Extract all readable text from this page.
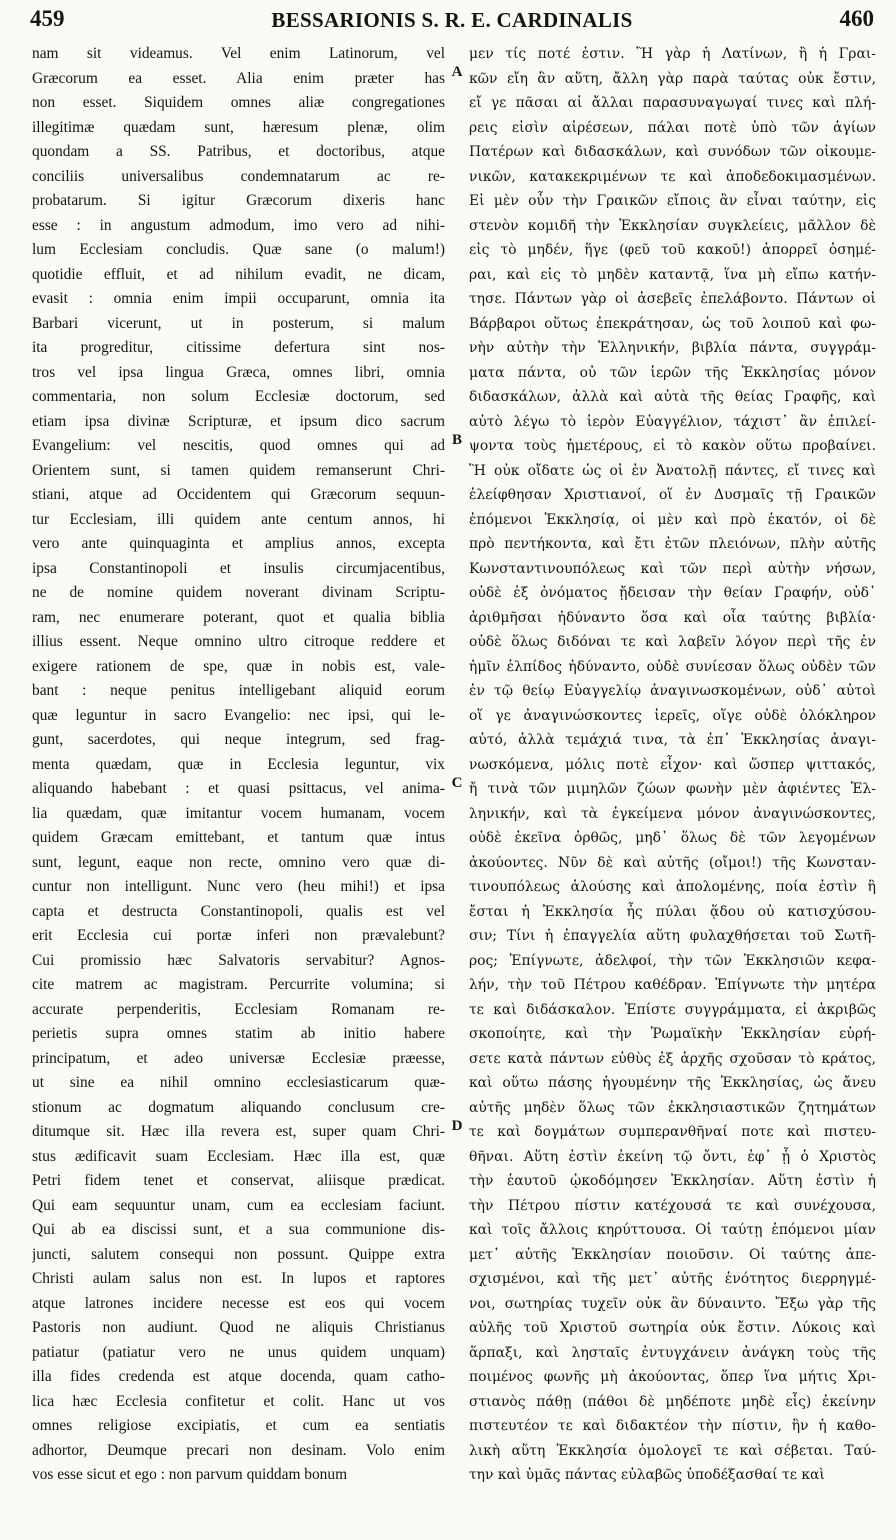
459	BESSARIONIS S. R. E. CARDINALIS	460
nam sit videamus. Vel enim Latinorum, vel
Græcorum ea esset. Alia enim præter has
non esset. Siquidem omnes aliæ congregationes
illegitimæ quædam sunt, hæresum plenæ, olim
quondam a SS. Patribus, et doctoribus, atque
conciliis universalibus condemnatarum ac re-
probatarum. Si igitur Græcorum dixeris hanc
esse : in angustum admodum, imo vero ad nihi-
lum Ecclesiam concludis. Quæ sane (o malum!)
quotidie effluit, et ad nihilum evadit, ne dicam,
evasit : omnia enim impii occuparunt, omnia ita
Barbari vicerunt, ut in posterum, si malum
ita progreditur, citissime defertura sint nos-
tros vel ipsa lingua Græca, omnes libri, omnia
commentaria, non solum Ecclesiæ doctorum, sed
etiam ipsa divinæ Scripturæ, et ipsum dico sacrum
Evangelium: vel nescitis, quod omnes qui ad
Orientem sunt, si tamen quidem remanserunt Chri-
stiani, atque ad Occidentem qui Græcorum sequun-
tur Ecclesiam, illi quidem ante centum annos, hi
vero ante quinquaginta et amplius annos, excepta
ipsa Constantinopoli et insulis circumjacentibus,
ne de nomine quidem noverant divinam Scriptu-
ram, nec enumerare poterant, quot et qualia biblia
illius essent. Neque omnino ultro citroque reddere et
exigere rationem de spe, quæ in nobis est, vale-
bant : neque penitus intelligebant aliquid eorum
quæ leguntur in sacro Evangelio: nec ipsi, qui le-
gunt, sacerdotes, qui neque integrum, sed frag-
menta quædam, quæ in Ecclesia leguntur, vix
aliquando habebant : et quasi psittacus, vel anima-
lia quædam, quæ imitantur vocem humanam, vocem
quidem Græcam emittebant, et tantum quæ intus
sunt, legunt, eaque non recte, omnino vero quæ di-
cuntur non intelligunt. Nunc vero (heu mihi!) et ipsa
capta et destructa Constantinopoli, qualis est vel
erit Ecclesia cui portæ inferi non prævalebunt?
Cui promissio hæc Salvatoris servabitur? Agnos-
cite matrem ac magistram. Percurrite volumina; si
accurate perpenderitis, Ecclesiam Romanam re-
perietis supra omnes statim ab initio habere
principatum, et adeo universæ Ecclesiæ præesse,
ut sine ea nihil omnino ecclesiasticarum quæ-
stionum ac dogmatum aliquando conclusum cre-
ditumque sit. Hæc illa revera est, super quam Chri-
stus ædificavit suam Ecclesiam. Hæc illa est, quæ
Petri fidem tenet et conservat, aliisque prædicat.
Qui eam sequuntur unam, cum ea ecclesiam faciunt.
Qui ab ea discissi sunt, et a sua communione dis-
juncti, salutem consequi non possunt. Quippe extra
Christi aulam salus non est. In lupos et raptores
atque latrones incidere necesse est eos qui vocem
Pastoris non audiunt. Quod ne aliquis Christianus
patiatur (patiatur vero ne unus quidem unquam)
illa fides credenda est atque docenda, quam catho-
lica hæc Ecclesia confitetur et colit. Hanc ut vos
omnes religiose excipiatis, et cum ea sentiatis
adhortor, Deumque precari non desinam. Volo enim
vos esse sicut et ego : non parvum quiddam bonum
μεν τίς ποτέ ἐστιν. Ἢ γὰρ ἡ Λατίνων, ἢ ἡ Γραι-
κῶν εἴη ἂν αὕτη, ἄλλη γὰρ παρὰ ταύτας οὐκ ἔστιν,
εἴ γε πᾶσαι αἱ ἄλλαι παρασυναγωγαί τινες καὶ πλή-
ρεις εἰσὶν αἱρέσεων, πάλαι ποτὲ ὑπὸ τῶν ἁγίων
Πατέρων καὶ διδασκάλων, καὶ συνόδων τῶν οἰκουμε-
νικῶν, κατακεκριμένων τε καὶ ἀποδεδοκιμασμένων.
Εἰ μὲν οὖν τὴν Γραικῶν εἴποις ἂν εἶναι ταύτην, εἰς
στενὸν κομιδῆ τὴν Ἐκκλησίαν συγκλείεις, μᾶλλον δὲ
εἰς τὸ μηδέν, ἥγε (φεῦ τοῦ κακοῦ!) ἀπορρεῖ ὁσημέ-
ραι, καὶ εἰς τὸ μηδὲν καταντᾷ, ἵνα μὴ εἴπω κατήν-
τησε. Πάντων γὰρ οἱ ἀσεβεῖς ἐπελάβοντο. Πάντων οἱ
Βάρβαροι οὕτως ἐπεκράτησαν, ὡς τοῦ λοιποῦ καὶ φω-
νὴν αὐτὴν τὴν Ἑλληνικήν, βιβλία πάντα, συγγράμ-
ματα πάντα, οὐ τῶν ἱερῶν τῆς Ἐκκλησίας μόνον
διδασκάλων, ἀλλὰ καὶ αὐτὰ τῆς θείας Γραφῆς, καὶ
αὐτὸ λέγω τὸ ἱερὸν Εὐαγγέλιον, τάχιστ᾽ ἂν ἐπιλεί-
ψοντα τοὺς ἡμετέρους, εἰ τὸ κακὸν οὕτω προβαίνει.
Ἢ οὐκ οἴδατε ὡς οἱ ἐν Ἀνατολῇ πάντες, εἴ τινες καὶ
ἐλείφθησαν Χριστιανοί, οἵ ἐν Δυσμαῖς τῇ Γραικῶν
ἑπόμενοι Ἐκκλησίᾳ, οἱ μὲν καὶ πρὸ ἑκατόν, οἱ δὲ
πρὸ πεντήκοντα, καὶ ἔτι ἐτῶν πλειόνων, πλὴν αὐτῆς
Κωνσταντινουπόλεως καὶ τῶν περὶ αὐτὴν νήσων,
οὐδὲ ἐξ ὀνόματος ᾔδεισαν τὴν θείαν Γραφήν, οὐδ᾽
ἀριθμῆσαι ἠδύναντο ὅσα καὶ οἷα ταύτης βιβλία·
οὐδὲ ὅλως διδόναι τε καὶ λαβεῖν λόγον περὶ τῆς ἐν
ἡμῖν ἐλπίδος ἠδύναντο, οὐδὲ συνίεσαν ὅλως οὐδὲν τῶν
ἐν τῷ θείῳ Εὐαγγελίῳ ἀναγινωσκομένων, οὐδ᾽ αὐτοὶ
οἵ γε ἀναγινώσκοντες ἱερεῖς, οἵγε οὐδὲ ὁλόκληρον
αὐτό, ἀλλὰ τεμάχιά τινα, τὰ ἐπ᾽ Ἐκκλησίας ἀναγι-
νωσκόμενα, μόλις ποτὲ εἶχον· καὶ ὥσπερ ψιττακός,
ἤ τινὰ τῶν μιμηλῶν ζώων φωνὴν μὲν ἀφιέντες Ἑλ-
ληνικήν, καὶ τὰ ἐγκείμενα μόνον ἀναγινώσκοντες,
οὐδὲ ἐκεῖνα ὀρθῶς, μηδ᾽ ὅλως δὲ τῶν λεγομένων
ἀκούοντες. Νῦν δὲ καὶ αὐτῆς (οἴμοι!) τῆς Κωνσταν-
τινουπόλεως ἁλούσης καὶ ἀπολομένης, ποία ἐστὶν ἢ
ἔσται ἡ Ἐκκλησία ἧς πύλαι ᾅδου οὐ κατισχύσου-
σιν; Τίνι ἡ ἐπαγγελία αὕτη φυλαχθήσεται τοῦ Σωτῆ-
ρος; Ἐπίγνωτε, ἀδελφοί, τὴν τῶν Ἐκκλησιῶν κεφα-
λήν, τὴν τοῦ Πέτρου καθέδραν. Ἐπίγνωτε τὴν μητέρα
τε καὶ διδάσκαλον. Ἐπίστε συγγράμματα, εἰ ἀκριβῶς
σκοποίητε, καὶ τὴν Ῥωμαϊκὴν Ἐκκλησίαν εὑρή-
σετε κατὰ πάντων εὐθὺς ἐξ ἀρχῆς σχοῦσαν τὸ κράτος,
καὶ οὕτω πάσης ἡγουμένην τῆς Ἐκκλησίας, ὡς ἄνευ
αὐτῆς μηδὲν ὅλως τῶν ἐκκλησιαστικῶν ζητημάτων
τε καὶ δογμάτων συμπερανθῆναί ποτε καὶ πιστευ-
θῆναι. Αὕτη ἐστὶν ἐκείνη τῷ ὄντι, ἐφ᾽ ᾗ ὁ Χριστὸς
τὴν ἑαυτοῦ ᾠκοδόμησεν Ἐκκλησίαν. Αὕτη ἐστὶν ἡ
τὴν Πέτρου πίστιν κατέχουσά τε καὶ συνέχουσα,
καὶ τοῖς ἄλλοις κηρύττουσα. Οἱ ταύτῃ ἑπόμενοι μίαν
μετ᾽ αὐτῆς Ἐκκλησίαν ποιοῦσιν. Οἱ ταύτης ἀπε-
σχισμένοι, καὶ τῆς μετ᾽ αὐτῆς ἑνότητος διερρηγμέ-
νοι, σωτηρίας τυχεῖν οὐκ ἂν δύναιντο. Ἔξω γὰρ τῆς
αὐλῆς τοῦ Χριστοῦ σωτηρία οὐκ ἔστιν. Λύκοις καὶ
ἅρπαξι, καὶ λησταῖς ἐντυγχάνειν ἀνάγκη τοὺς τῆς
ποιμένος φωνῆς μὴ ἀκούοντας, ὅπερ ἵνα μήτις Χρι-
στιανὸς πάθῃ (πάθοι δὲ μηδέποτε μηδὲ εἷς) ἐκείνην
πιστευτέον τε καὶ διδακτέον τὴν πίστιν, ἣν ἡ καθο-
λικὴ αὕτη Ἐκκλησία ὁμολογεῖ τε καὶ σέβεται. Ταύ-
την καὶ ὑμᾶς πάντας εὐλαβῶς ὑποδέξασθαί τε καὶ
A
B
C
D
